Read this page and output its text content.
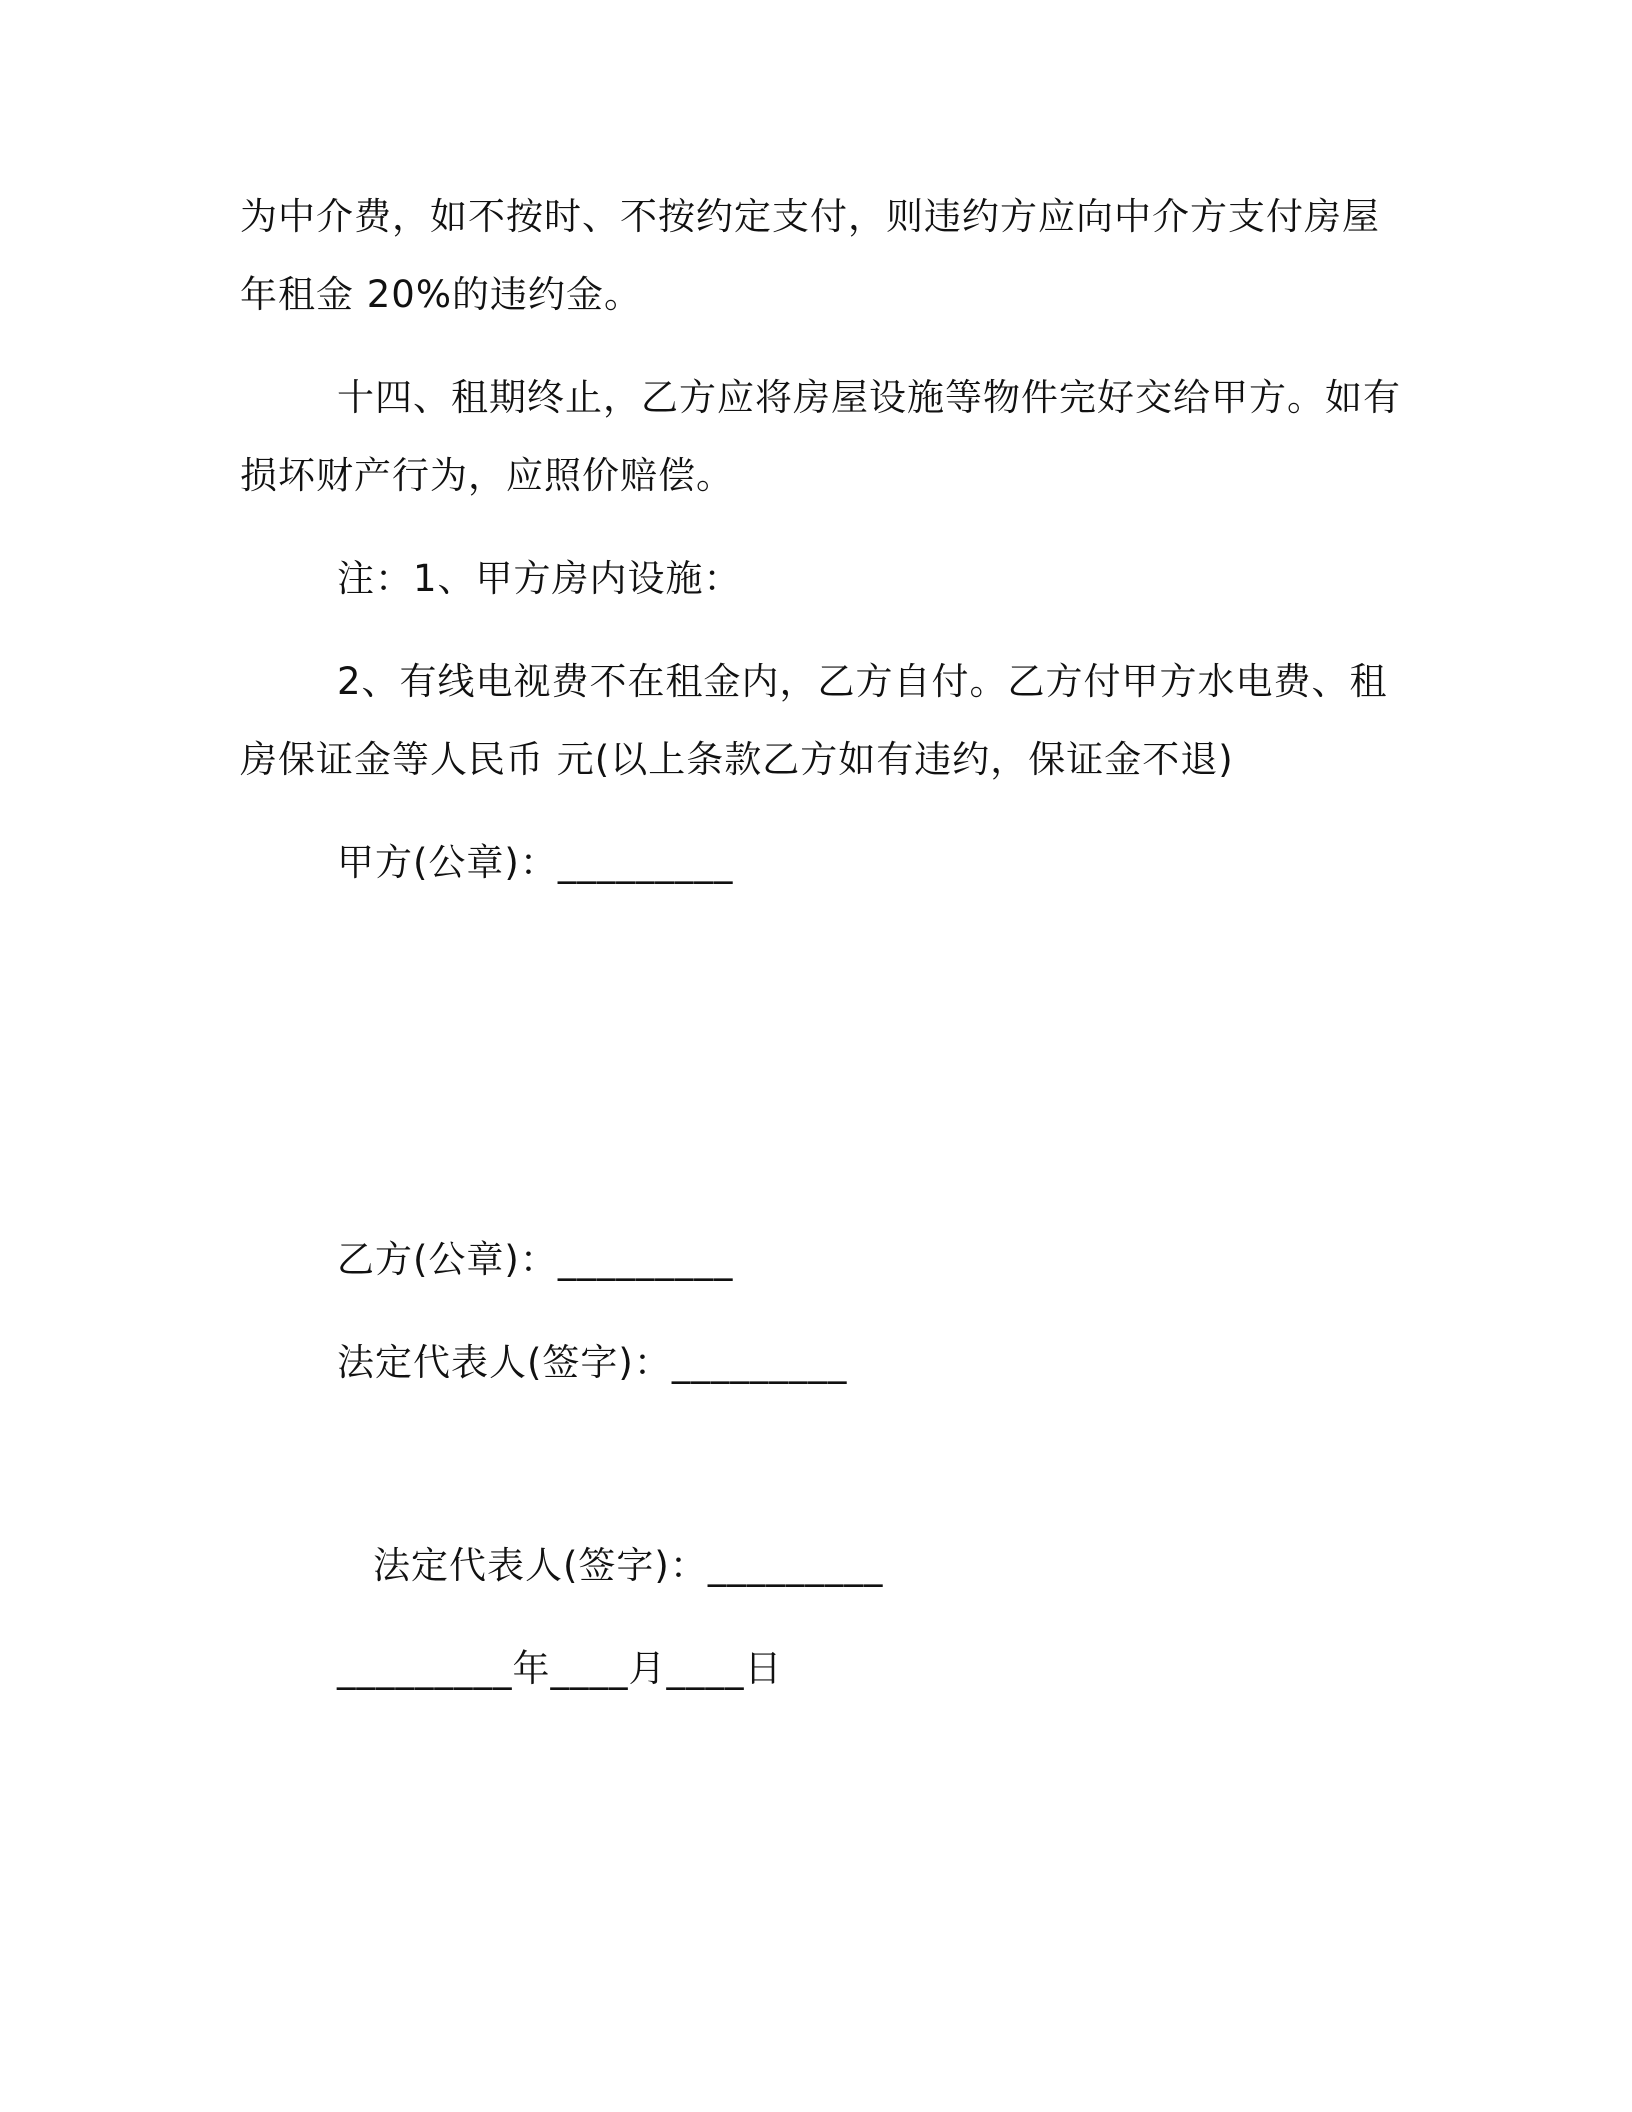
为中介费，如不按时、不按约定支付，则违约方应向中介方支付房屋
年租金 20%的违约金。
十四、租期终止，乙方应将房屋设施等物件完好交给甲方。如有
损坏财产行为，应照价赔偿。
注：1、甲方房内设施：
2、有线电视费不在租金内，乙方自付。乙方付甲方水电费、租
房保证金等人民币 元(以上条款乙方如有违约，保证金不退)
甲方(公章)：_________
乙方(公章)：_________
法定代表人(签字)：_________
法定代表人(签字)：_________
_________年____月____日
